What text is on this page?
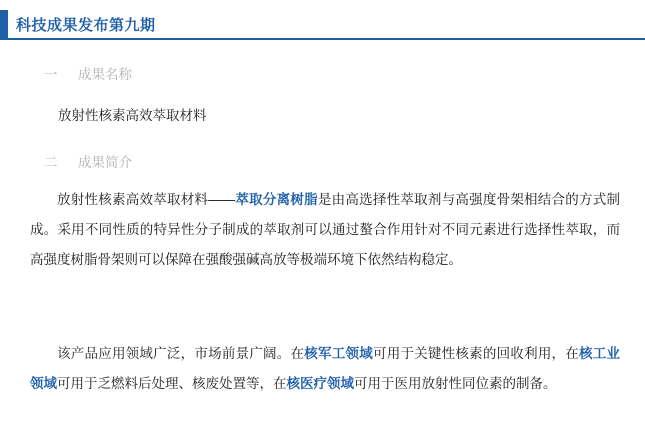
科技成果发布第九期
一	成果名称
放射性核素高效萃取材料
二	成果简介

放射性核素高效萃取材料——萃取分离树脂是由高选择性萃取剂与高强度骨架相结合的方式制成。采用不同性质的特异性分子制成的萃取剂可以通过螯合作用针对不同元素进行选择性萃取，而高强度树脂骨架则可以保障在强酸强碱高放等极端环境下依然结构稳定。

该产品应用领域广泛，市场前景广阔。在核军工领域可用于关键性核素的回收利用，在核工业领域可用于乏燃料后处理、核废处置等，在核医疗领域可用于医用放射性同位素的制备。
